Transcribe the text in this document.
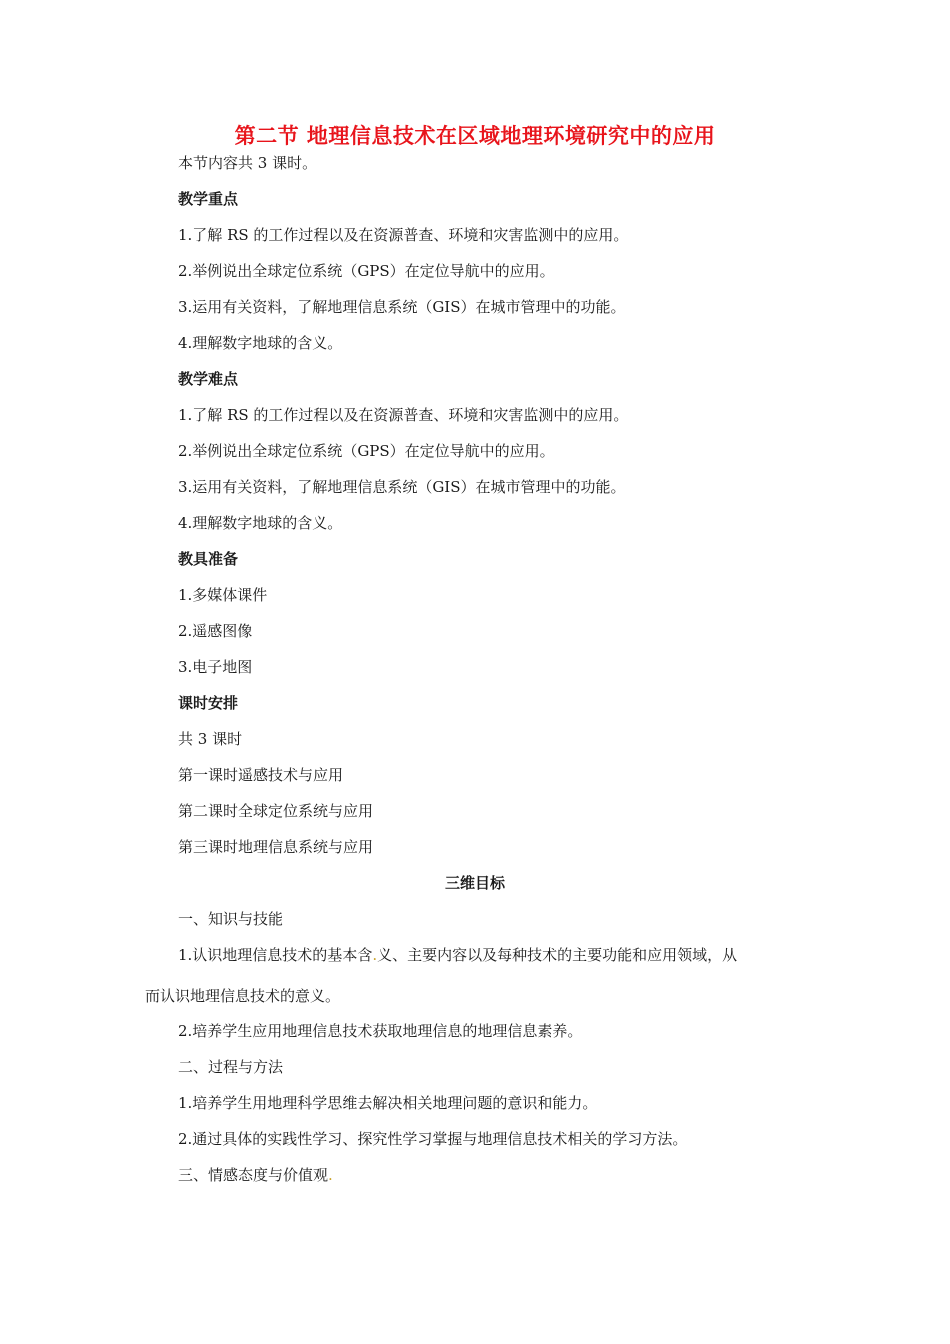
第二节 地理信息技术在区域地理环境研究中的应用
本节内容共 3 课时。
教学重点
1.了解 RS 的工作过程以及在资源普查、环境和灾害监测中的应用。
2.举例说出全球定位系统（GPS）在定位导航中的应用。
3.运用有关资料，了解地理信息系统（GIS）在城市管理中的功能。
4.理解数字地球的含义。
教学难点
1.了解 RS 的工作过程以及在资源普查、环境和灾害监测中的应用。
2.举例说出全球定位系统（GPS）在定位导航中的应用。
3.运用有关资料，了解地理信息系统（GIS）在城市管理中的功能。
4.理解数字地球的含义。
教具准备
1.多媒体课件
2.遥感图像
3.电子地图
课时安排
共 3 课时
第一课时遥感技术与应用
第二课时全球定位系统与应用
第三课时地理信息系统与应用
三维目标
一、知识与技能
1.认识地理信息技术的基本含.义、主要内容以及每种技术的主要功能和应用领域，从
而认识地理信息技术的意义。
2.培养学生应用地理信息技术获取地理信息的地理信息素养。
二、过程与方法
1.培养学生用地理科学思维去解决相关地理问题的意识和能力。
2.通过具体的实践性学习、探究性学习掌握与地理信息技术相关的学习方法。
三、情感态度与价值观.
